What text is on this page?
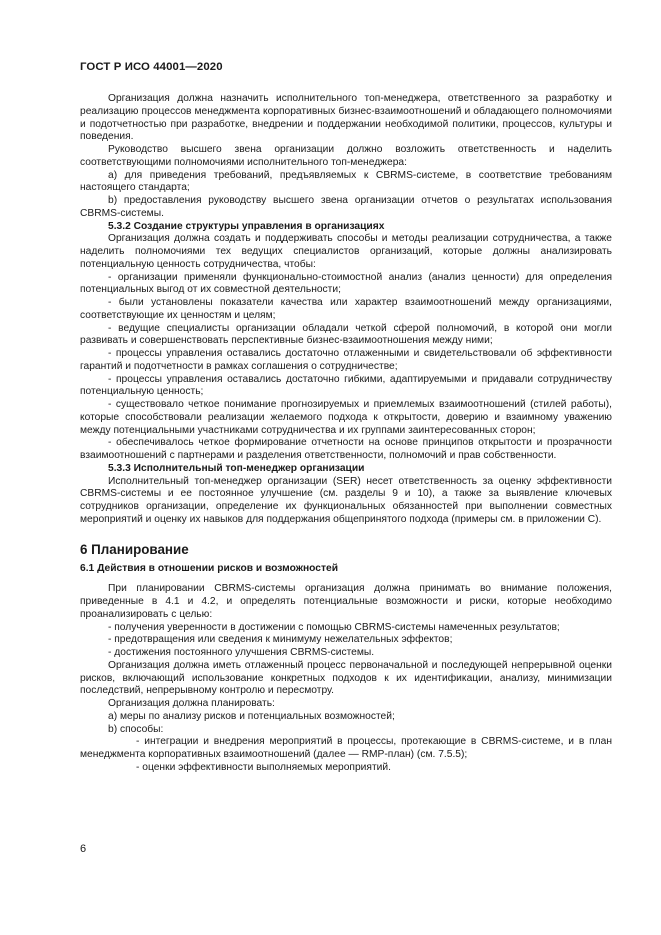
ГОСТ Р ИСО 44001—2020

Организация должна назначить исполнительного топ-менеджера, ответственного за разработку и реализацию процессов менеджмента корпоративных бизнес-взаимоотношений и обладающего полномочиями и подотчетностью при разработке, внедрении и поддержании необходимой политики, процессов, культуры и поведения.

Руководство высшего звена организации должно возложить ответственность и наделить соответствующими полномочиями исполнительного топ-менеджера:

a) для приведения требований, предъявляемых к CBRMS-системе, в соответствие требованиям настоящего стандарта;

b) предоставления руководству высшего звена организации отчетов о результатах использования CBRMS-системы.

5.3.2 Создание структуры управления в организациях

Организация должна создать и поддерживать способы и методы реализации сотрудничества, а также наделить полномочиями тех ведущих специалистов организаций, которые должны анализировать потенциальную ценность сотрудничества, чтобы:

- организации применяли функционально-стоимостной анализ (анализ ценности) для определения потенциальных выгод от их совместной деятельности;

- были установлены показатели качества или характер взаимоотношений между организациями, соответствующие их ценностям и целям;

- ведущие специалисты организации обладали четкой сферой полномочий, в которой они могли развивать и совершенствовать перспективные бизнес-взаимоотношения между ними;

- процессы управления оставались достаточно отлаженными и свидетельствовали об эффективности гарантий и подотчетности в рамках соглашения о сотрудничестве;

- процессы управления оставались достаточно гибкими, адаптируемыми и придавали сотрудничеству потенциальную ценность;

- существовало четкое понимание прогнозируемых и приемлемых взаимоотношений (стилей работы), которые способствовали реализации желаемого подхода к открытости, доверию и взаимному уважению между потенциальными участниками сотрудничества и их группами заинтересованных сторон;

- обеспечивалось четкое формирование отчетности на основе принципов открытости и прозрачности взаимоотношений с партнерами и разделения ответственности, полномочий и прав собственности.

5.3.3 Исполнительный топ-менеджер организации

Исполнительный топ-менеджер организации (SER) несет ответственность за оценку эффективности CBRMS-системы и ее постоянное улучшение (см. разделы 9 и 10), а также за выявление ключевых сотрудников организации, определение их функциональных обязанностей при выполнении совместных мероприятий и оценку их навыков для поддержания общепринятого подхода (примеры см. в приложении С).

6 Планирование
6.1 Действия в отношении рисков и возможностей

При планировании CBRMS-системы организация должна принимать во внимание положения, приведенные в 4.1 и 4.2, и определять потенциальные возможности и риски, которые необходимо проанализировать с целью:

- получения уверенности в достижении с помощью CBRMS-системы намеченных результатов;

- предотвращения или сведения к минимуму нежелательных эффектов;

- достижения постоянного улучшения CBRMS-системы.

Организация должна иметь отлаженный процесс первоначальной и последующей непрерывной оценки рисков, включающий использование конкретных подходов к их идентификации, анализу, минимизации последствий, непрерывному контролю и пересмотру.

Организация должна планировать:

a) меры по анализу рисков и потенциальных возможностей;

b) способы:

- интеграции и внедрения мероприятий в процессы, протекающие в CBRMS-системе, и в план менеджмента корпоративных взаимоотношений (далее — RMP-план) (см. 7.5.5);

- оценки эффективности выполняемых мероприятий.

6
